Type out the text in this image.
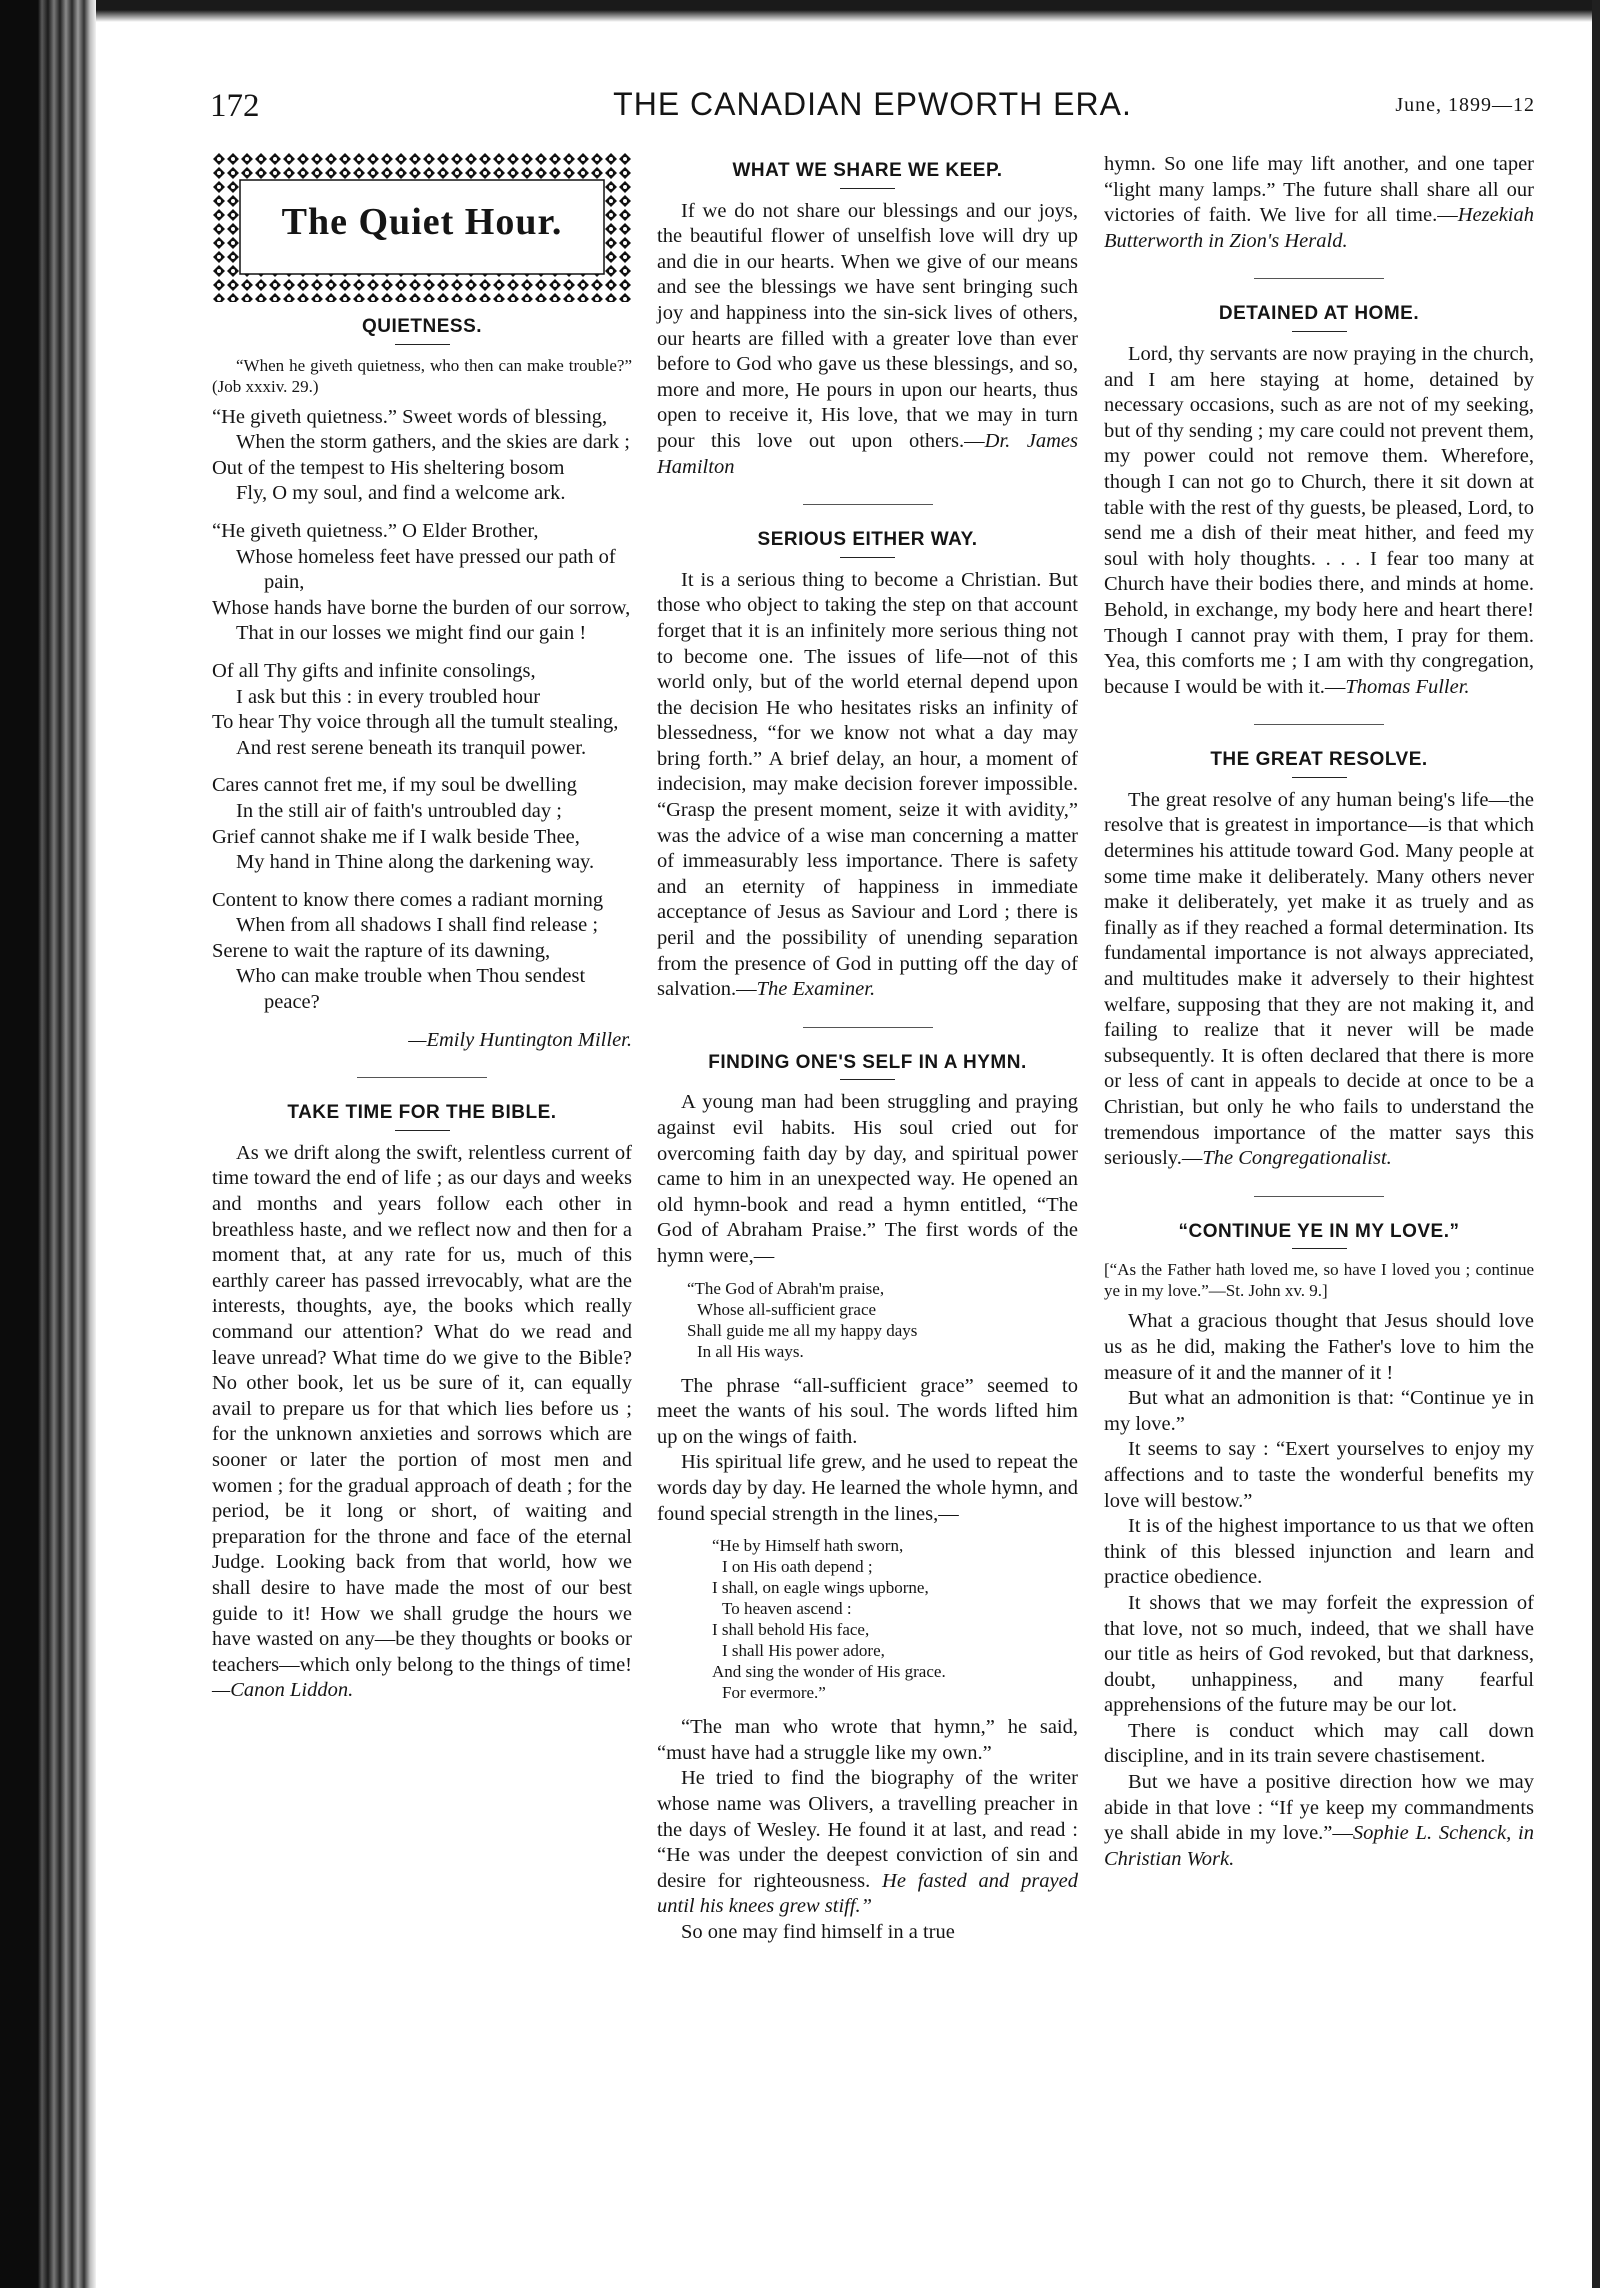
172	THE CANADIAN EPWORTH ERA.	June, 1899—12
The Quiet Hour.
QUIETNESS.
“When he giveth quietness, who then can make trouble?” (Job xxxiv. 29.)
“He giveth quietness.” Sweet words of blessing,
When the storm gathers, and the skies are dark ;
Out of the tempest to His sheltering bosom
Fly, O my soul, and find a welcome ark.
“He giveth quietness.” O Elder Brother,
Whose homeless feet have pressed our path of pain,
Whose hands have borne the burden of our sorrow,
That in our losses we might find our gain !
Of all Thy gifts and infinite consolings,
I ask but this : in every troubled hour
To hear Thy voice through all the tumult stealing,
And rest serene beneath its tranquil power.
Cares cannot fret me, if my soul be dwelling
In the still air of faith's untroubled day ;
Grief cannot shake me if I walk beside Thee,
My hand in Thine along the darkening way.
Content to know there comes a radiant morning
When from all shadows I shall find release ;
Serene to wait the rapture of its dawning,
Who can make trouble when Thou sendest peace?
—Emily Huntington Miller.
TAKE TIME FOR THE BIBLE.

As we drift along the swift, relentless current of time toward the end of life ; as our days and weeks and months and years follow each other in breathless haste, and we reflect now and then for a moment that, at any rate for us, much of this earthly career has passed irrevocably, what are the interests, thoughts, aye, the books which really command our attention? What do we read and leave unread? What time do we give to the Bible? No other book, let us be sure of it, can equally avail to prepare us for that which lies before us ; for the unknown anxieties and sorrows which are sooner or later the portion of most men and women ; for the gradual approach of death ; for the period, be it long or short, of waiting and preparation for the throne and face of the eternal Judge. Looking back from that world, how we shall desire to have made the most of our best guide to it! How we shall grudge the hours we have wasted on any—be they thoughts or books or teachers—which only belong to the things of time!—Canon Liddon.

WHAT WE SHARE WE KEEP.

If we do not share our blessings and our joys, the beautiful flower of unselfish love will dry up and die in our hearts. When we give of our means and see the blessings we have sent bringing such joy and happiness into the sin-sick lives of others, our hearts are filled with a greater love than ever before to God who gave us these blessings, and so, more and more, He pours in upon our hearts, thus open to receive it, His love, that we may in turn pour this love out upon others.—Dr. James Hamilton

SERIOUS EITHER WAY.

It is a serious thing to become a Christian. But those who object to taking the step on that account forget that it is an infinitely more serious thing not to become one. The issues of life—not of this world only, but of the world eternal depend upon the decision He who hesitates risks an infinity of blessedness, “for we know not what a day may bring forth.” A brief delay, an hour, a moment of indecision, may make decision forever impossible. “Grasp the present moment, seize it with avidity,” was the advice of a wise man concerning a matter of immeasurably less importance. There is safety and an eternity of happiness in immediate acceptance of Jesus as Saviour and Lord ; there is peril and the possibility of unending separation from the presence of God in putting off the day of salvation.—The Examiner.

FINDING ONE'S SELF IN A HYMN.

A young man had been struggling and praying against evil habits. His soul cried out for overcoming faith day by day, and spiritual power came to him in an unexpected way. He opened an old hymn-book and read a hymn entitled, “The God of Abraham Praise.” The first words of the hymn were,—

“The God of Abrah'm praise,
Whose all-sufficient grace
Shall guide me all my happy days
In all His ways.

The phrase “all-sufficient grace” seemed to meet the wants of his soul. The words lifted him up on the wings of faith.

His spiritual life grew, and he used to repeat the words day by day. He learned the whole hymn, and found special strength in the lines,—

“He by Himself hath sworn,
I on His oath depend ;
I shall, on eagle wings upborne,
To heaven ascend :
I shall behold His face,
I shall His power adore,
And sing the wonder of His grace.
For evermore.”

“The man who wrote that hymn,” he said, “must have had a struggle like my own.”

He tried to find the biography of the writer whose name was Olivers, a travelling preacher in the days of Wesley. He found it at last, and read : “He was under the deepest conviction of sin and desire for righteousness. He fasted and prayed until his knees grew stiff.”

So one may find himself in a true

hymn. So one life may lift another, and one taper “light many lamps.” The future shall share all our victories of faith. We live for all time.—Hezekiah Butterworth in Zion's Herald.

DETAINED AT HOME.

Lord, thy servants are now praying in the church, and I am here staying at home, detained by necessary occasions, such as are not of my seeking, but of thy sending ; my care could not prevent them, my power could not remove them. Wherefore, though I can not go to Church, there it sit down at table with the rest of thy guests, be pleased, Lord, to send me a dish of their meat hither, and feed my soul with holy thoughts. . . . I fear too many at Church have their bodies there, and minds at home. Behold, in exchange, my body here and heart there! Though I cannot pray with them, I pray for them. Yea, this comforts me ; I am with thy congregation, because I would be with it.—Thomas Fuller.

THE GREAT RESOLVE.

The great resolve of any human being's life—the resolve that is greatest in importance—is that which determines his attitude toward God. Many people at some time make it deliberately. Many others never make it deliberately, yet make it as truely and as finally as if they reached a formal determination. Its fundamental importance is not always appreciated, and multitudes make it adversely to their hightest welfare, supposing that they are not making it, and failing to realize that it never will be made subsequently. It is often declared that there is more or less of cant in appeals to decide at once to be a Christian, but only he who fails to understand the tremendous importance of the matter says this seriously.—The Congregationalist.

“CONTINUE YE IN MY LOVE.”
[“As the Father hath loved me, so have I loved you ; continue ye in my love.”—St. John xv. 9.]

What a gracious thought that Jesus should love us as he did, making the Father's love to him the measure of it and the manner of it !

But what an admonition is that: “Continue ye in my love.”

It seems to say : “Exert yourselves to enjoy my affections and to taste the wonderful benefits my love will bestow.”

It is of the highest importance to us that we often think of this blessed injunction and learn and practice obedience.

It shows that we may forfeit the expression of that love, not so much, indeed, that we shall have our title as heirs of God revoked, but that darkness, doubt, unhappiness, and many fearful apprehensions of the future may be our lot.

There is conduct which may call down discipline, and in its train severe chastisement.

But we have a positive direction how we may abide in that love : “If ye keep my commandments ye shall abide in my love.”—Sophie L. Schenck, in Christian Work.
